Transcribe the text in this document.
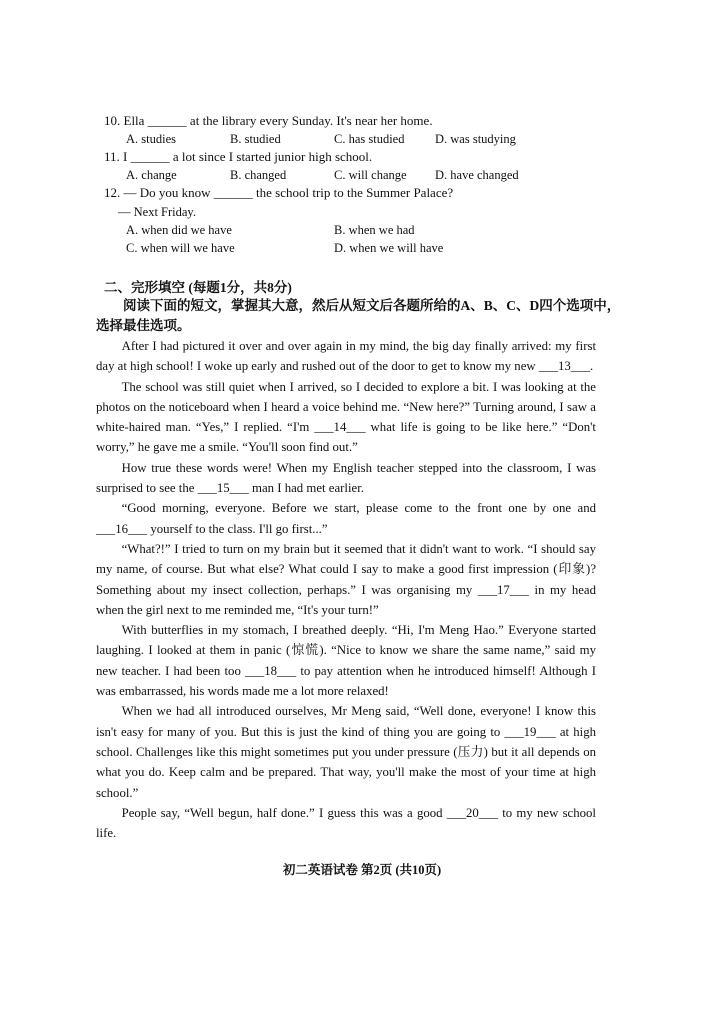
10. Ella ______ at the library every Sunday. It's near her home.
A. studies	B. studied	C. has studied D. was studying
11. I ______ a lot since I started junior high school.
A. change	B. changed	C. will change D. have changed
12. — Do you know ______ the school trip to the Summer Palace?
— Next Friday.
A. when did we have	B. when we had
C. when will we have	D. when we will have
二、完形填空 (每题1分，共8分)
阅读下面的短文，掌握其大意，然后从短文后各题所给的A、B、C、D四个选项中，选择最佳选项。

After I had pictured it over and over again in my mind, the big day finally arrived: my first day at high school! I woke up early and rushed out of the door to get to know my new ___13___.

The school was still quiet when I arrived, so I decided to explore a bit. I was looking at the photos on the noticeboard when I heard a voice behind me. “New here?” Turning around, I saw a white-haired man. “Yes,” I replied. “I'm ___14___ what life is going to be like here.” “Don't worry,” he gave me a smile. “You'll soon find out.”

How true these words were! When my English teacher stepped into the classroom, I was surprised to see the ___15___ man I had met earlier.

“Good morning, everyone. Before we start, please come to the front one by one and ___16___ yourself to the class. I'll go first...”

“What?!” I tried to turn on my brain but it seemed that it didn't want to work. “I should say my name, of course. But what else? What could I say to make a good first impression (印象)? Something about my insect collection, perhaps.” I was organising my ___17___ in my head when the girl next to me reminded me, “It's your turn!”

With butterflies in my stomach, I breathed deeply. “Hi, I'm Meng Hao.” Everyone started laughing. I looked at them in panic (惊慌). “Nice to know we share the same name,” said my new teacher. I had been too ___18___ to pay attention when he introduced himself! Although I was embarrassed, his words made me a lot more relaxed!

When we had all introduced ourselves, Mr Meng said, “Well done, everyone! I know this isn't easy for many of you. But this is just the kind of thing you are going to ___19___ at high school. Challenges like this might sometimes put you under pressure (压力) but it all depends on what you do. Keep calm and be prepared. That way, you'll make the most of your time at high school.”

People say, “Well begun, half done.” I guess this was a good ___20___ to my new school life.

初二英语试卷 第2页 (共10页)
